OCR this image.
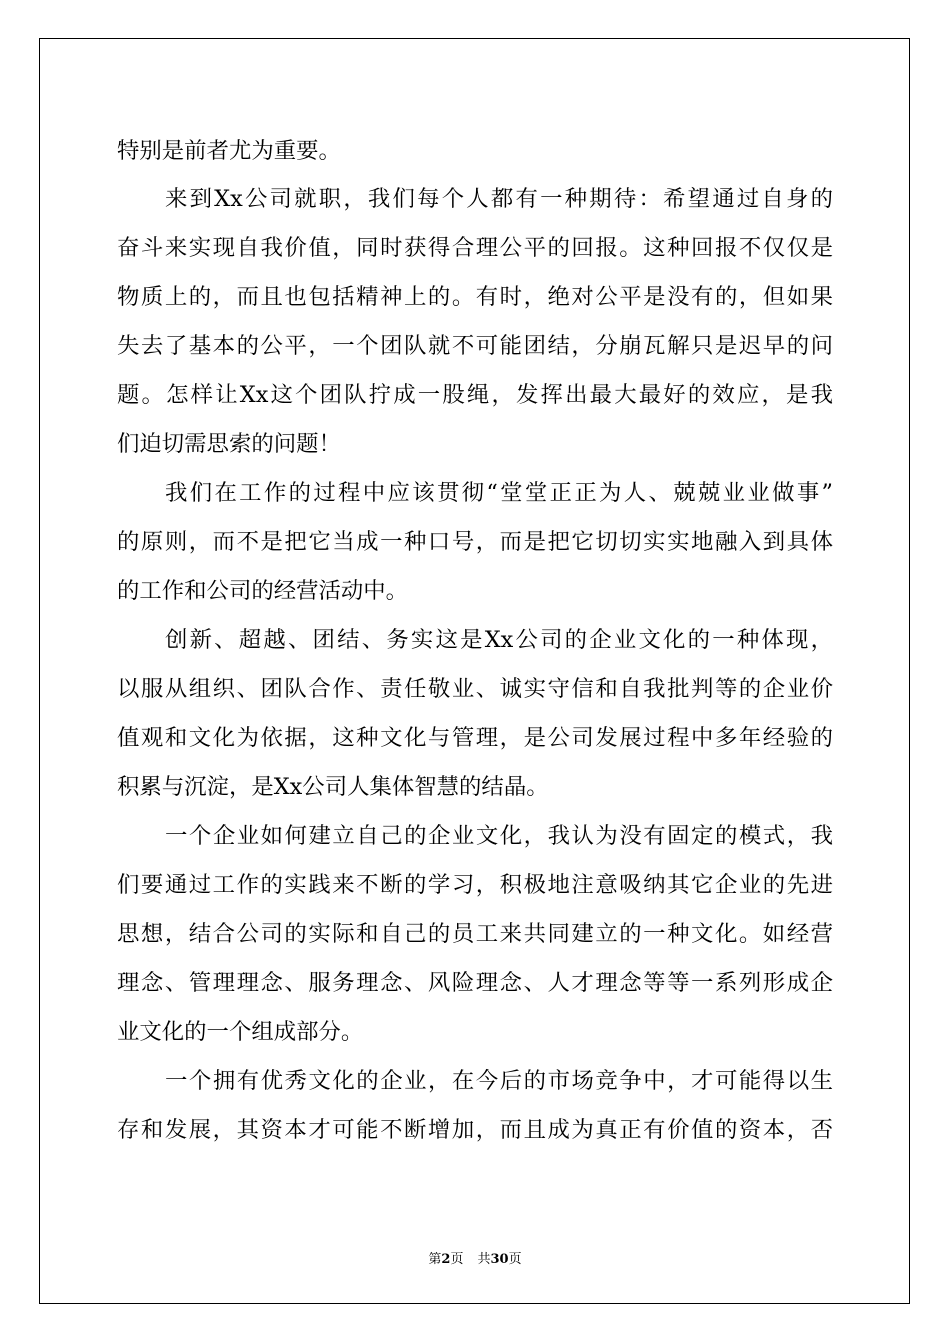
特别是前者尤为重要。
来到Xx公司就职，我们每个人都有一种期待：希望通过自身的
奋斗来实现自我价值，同时获得合理公平的回报。这种回报不仅仅是
物质上的，而且也包括精神上的。有时，绝对公平是没有的，但如果
失去了基本的公平，一个团队就不可能团结，分崩瓦解只是迟早的问
题。怎样让Xx这个团队拧成一股绳，发挥出最大最好的效应，是我
们迫切需思索的问题！
我们在工作的过程中应该贯彻“堂堂正正为人、兢兢业业做事”
的原则，而不是把它当成一种口号，而是把它切切实实地融入到具体
的工作和公司的经营活动中。
创新、超越、团结、务实这是Xx公司的企业文化的一种体现，
以服从组织、团队合作、责任敬业、诚实守信和自我批判等的企业价
值观和文化为依据，这种文化与管理，是公司发展过程中多年经验的
积累与沉淀，是Xx公司人集体智慧的结晶。
一个企业如何建立自己的企业文化，我认为没有固定的模式，我
们要通过工作的实践来不断的学习，积极地注意吸纳其它企业的先进
思想，结合公司的实际和自己的员工来共同建立的一种文化。如经营
理念、管理理念、服务理念、风险理念、人才理念等等一系列形成企
业文化的一个组成部分。
一个拥有优秀文化的企业，在今后的市场竞争中，才可能得以生
存和发展，其资本才可能不断增加，而且成为真正有价值的资本，否
第2页 共30页
